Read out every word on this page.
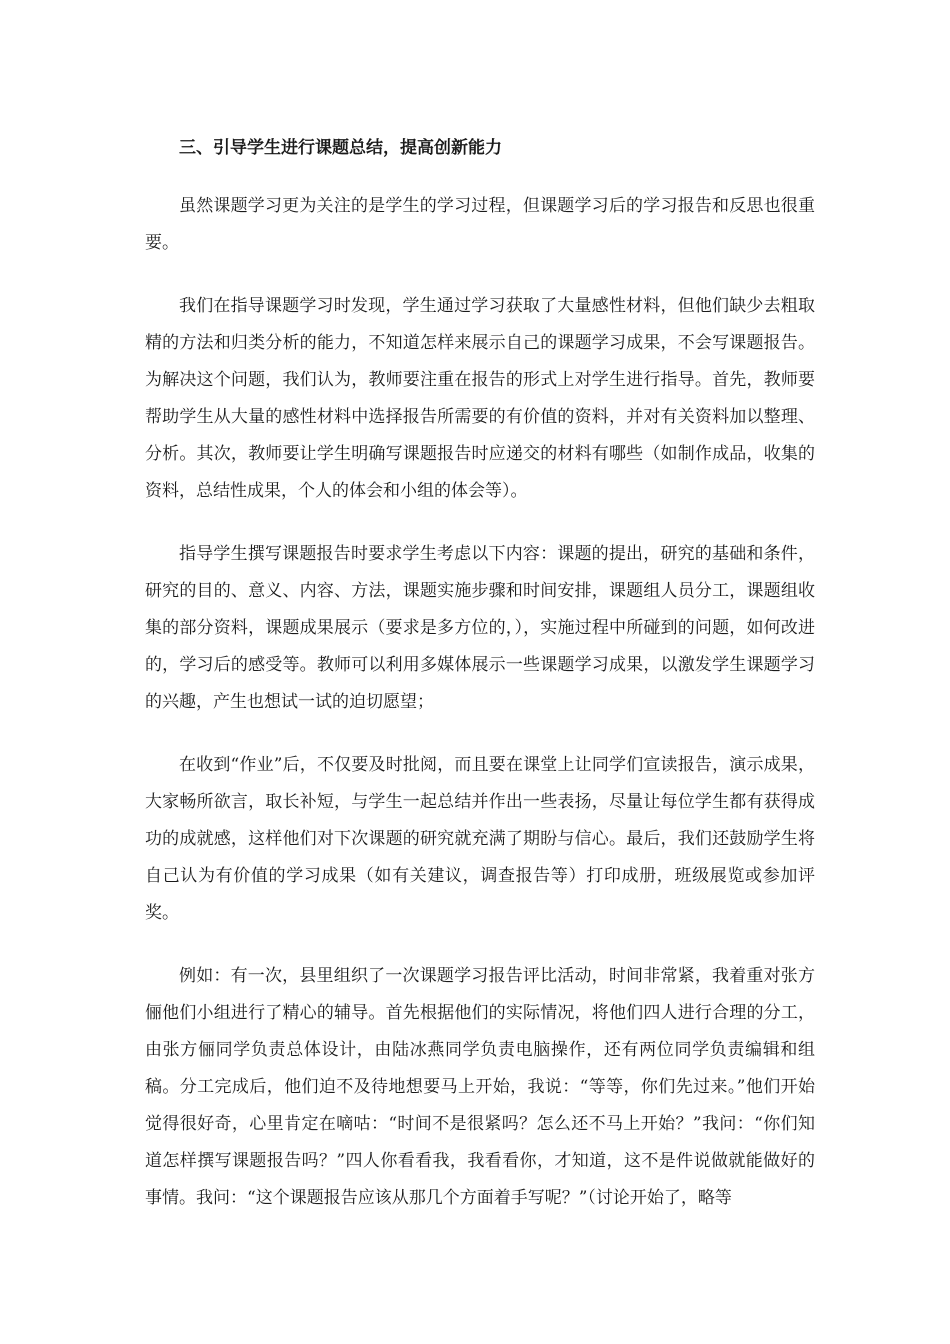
三、引导学生进行课题总结，提高创新能力

虽然课题学习更为关注的是学生的学习过程，但课题学习后的学习报告和反思也很重要。

我们在指导课题学习时发现，学生通过学习获取了大量感性材料，但他们缺少去粗取精的方法和归类分析的能力，不知道怎样来展示自己的课题学习成果，不会写课题报告。为解决这个问题，我们认为，教师要注重在报告的形式上对学生进行指导。首先，教师要帮助学生从大量的感性材料中选择报告所需要的有价值的资料，并对有关资料加以整理、分析。其次，教师要让学生明确写课题报告时应递交的材料有哪些（如制作成品，收集的资料，总结性成果，个人的体会和小组的体会等）。

指导学生撰写课题报告时要求学生考虑以下内容：课题的提出，研究的基础和条件，研究的目的、意义、内容、方法，课题实施步骤和时间安排，课题组人员分工，课题组收集的部分资料，课题成果展示（要求是多方位的，），实施过程中所碰到的问题，如何改进的，学习后的感受等。教师可以利用多媒体展示一些课题学习成果，以激发学生课题学习的兴趣，产生也想试一试的迫切愿望；

在收到“作业”后，不仅要及时批阅，而且要在课堂上让同学们宣读报告，演示成果，大家畅所欲言，取长补短，与学生一起总结并作出一些表扬，尽量让每位学生都有获得成功的成就感，这样他们对下次课题的研究就充满了期盼与信心。最后，我们还鼓励学生将自己认为有价值的学习成果（如有关建议，调查报告等）打印成册，班级展览或参加评奖。

例如：有一次，县里组织了一次课题学习报告评比活动，时间非常紧，我着重对张方俪他们小组进行了精心的辅导。首先根据他们的实际情况，将他们四人进行合理的分工，由张方俪同学负责总体设计，由陆冰燕同学负责电脑操作，还有两位同学负责编辑和组稿。分工完成后，他们迫不及待地想要马上开始，我说：“等等，你们先过来。”他们开始觉得很好奇，心里肯定在嘀咕：“时间不是很紧吗？怎么还不马上开始？”我问：“你们知道怎样撰写课题报告吗？”四人你看看我，我看看你，才知道，这不是件说做就能做好的事情。我问：“这个课题报告应该从那几个方面着手写呢？”（讨论开始了，略等
